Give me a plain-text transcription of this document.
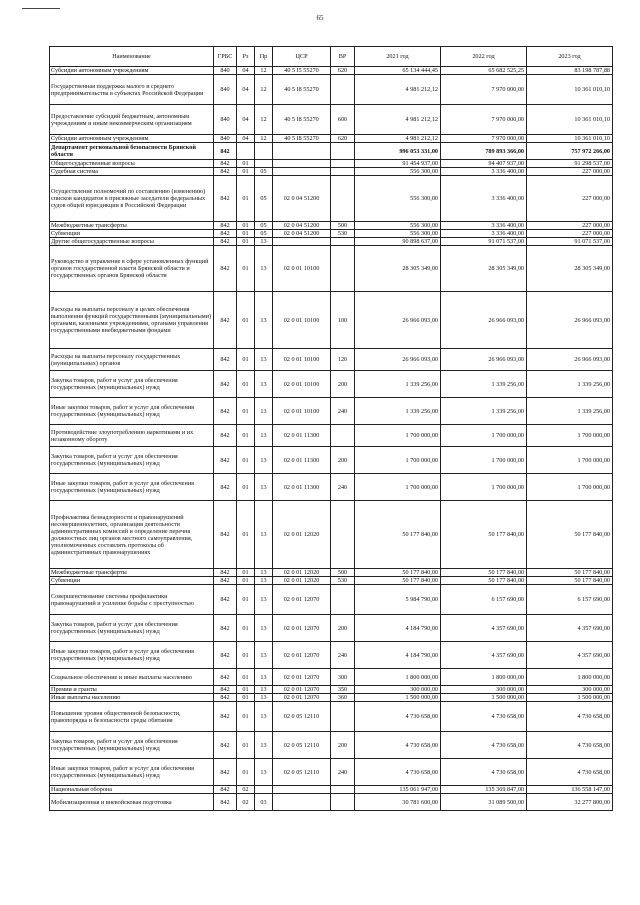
65
Наименование	ГРБС	Рз	Пр	ЦСР	ВР	2021 год	2022 год	2023 год
Субсидии автономным учреждениям	840	04	12	40 5 I5 55270	620	65 134 444,45	65 682 525,25	83 198 787,88
Государственная поддержка малого и среднего предпринимательства в субъектах Российской Федерации	840	04	12	40 5 I8 55270		4 981 212,12	7 970 000,00	10 361 010,10
Предоставление субсидий бюджетным, автономным учреждениям и иным некоммерческим организациям	840	04	12	40 5 I8 55270	600	4 981 212,12	7 970 000,00	10 361 010,10
Субсидии автономным учреждениям	840	04	12	40 5 I8 55270	620	4 981 212,12	7 970 000,00	10 361 010,10
Департамент региональной безопасности Брянской области	842					996 053 331,00	789 893 366,00	757 972 266,00
Общегосударственные вопросы	842	01				91 454 937,00	94 407 937,00	91 298 537,00
Судебная система	842	01	05			556 300,00	3 336 400,00	227 000,00
Осуществление полномочий по составлению (изменению) списков кандидатов в присяжные заседатели федеральных судов общей юрисдикции в Российской Федерации	842	01	05	02 0 04 51200		556 300,00	3 336 400,00	227 000,00
Межбюджетные трансферты	842	01	05	02 0 04 51200	500	556 300,00	3 336 400,00	227 000,00
Субвенции	842	01	05	02 0 04 51200	530	556 300,00	3 336 400,00	227 000,00
Другие общегосударственные вопросы	842	01	13			90 898 637,00	91 071 537,00	91 071 537,00
Руководство и управление в сфере установленных функций органов государственной власти Брянской области и государственных органов Брянской области	842	01	13	02 0 01 10100		28 305 349,00	28 305 349,00	28 305 349,00
Расходы на выплаты персоналу в целях обеспечения выполнения функций государственными (муниципальными) органами, казенными учреждениями, органами управления государственными внебюджетными фондами	842	01	13	02 0 01 10100	100	26 966 093,00	26 966 093,00	26 966 093,00
Расходы на выплаты персоналу государственных (муниципальных) органов	842	01	13	02 0 01 10100	120	26 966 093,00	26 966 093,00	26 966 093,00
Закупка товаров, работ и услуг для обеспечения государственных (муниципальных) нужд	842	01	13	02 0 01 10100	200	1 339 256,00	1 339 256,00	1 339 256,00
Иные закупки товаров, работ и услуг для обеспечения государственных (муниципальных) нужд	842	01	13	02 0 01 10100	240	1 339 256,00	1 339 256,00	1 339 256,00
Противодействие злоупотреблению наркотиками и их незаконному обороту	842	01	13	02 0 01 11300		1 700 000,00	1 700 000,00	1 700 000,00
Закупка товаров, работ и услуг для обеспечения государственных (муниципальных) нужд	842	01	13	02 0 01 11300	200	1 700 000,00	1 700 000,00	1 700 000,00
Иные закупки товаров, работ и услуг для обеспечения государственных (муниципальных) нужд	842	01	13	02 0 01 11300	240	1 700 000,00	1 700 000,00	1 700 000,00
Профилактика безнадзорности и правонарушений несовершеннолетних, организация деятельности административных комиссий и определение перечня должностных лиц органов местного самоуправления, уполномоченных составлять протоколы об административных правонарушениях	842	01	13	02 0 01 12020		50 177 840,00	50 177 840,00	50 177 840,00
Межбюджетные трансферты	842	01	13	02 0 01 12020	500	50 177 840,00	50 177 840,00	50 177 840,00
Субвенции	842	01	13	02 0 01 12020	530	50 177 840,00	50 177 840,00	50 177 840,00
Совершенствование системы профилактики правонарушений и усиление борьбы с преступностью	842	01	13	02 0 01 12070		5 984 790,00	6 157 690,00	6 157 690,00
Закупка товаров, работ и услуг для обеспечения государственных (муниципальных) нужд	842	01	13	02 0 01 12070	200	4 184 790,00	4 357 690,00	4 357 690,00
Иные закупки товаров, работ и услуг для обеспечения государственных (муниципальных) нужд	842	01	13	02 0 01 12070	240	4 184 790,00	4 357 690,00	4 357 690,00
Социальное обеспечение и иные выплаты населению	842	01	13	02 0 01 12070	300	1 800 000,00	1 800 000,00	1 800 000,00
Премии и гранты	842	01	13	02 0 01 12070	350	300 000,00	300 000,00	300 000,00
Иные выплаты населению	842	01	13	02 0 01 12070	360	1 500 000,00	1 500 000,00	1 500 000,00
Повышение уровня общественной безопасности, правопорядка и безопасности среды обитания	842	01	13	02 0 05 12110		4 730 658,00	4 730 658,00	4 730 658,00
Закупка товаров, работ и услуг для обеспечения государственных (муниципальных) нужд	842	01	13	02 0 05 12110	200	4 730 658,00	4 730 658,00	4 730 658,00
Иные закупки товаров, работ и услуг для обеспечения государственных (муниципальных) нужд	842	01	13	02 0 05 12110	240	4 730 658,00	4 730 658,00	4 730 658,00
Национальная оборона	842	02				135 061 947,00	135 369 847,00	136 558 147,00
Мобилизационная и вневойсковая подготовка	842	02	03			30 781 600,00	31 089 500,00	32 277 800,00
